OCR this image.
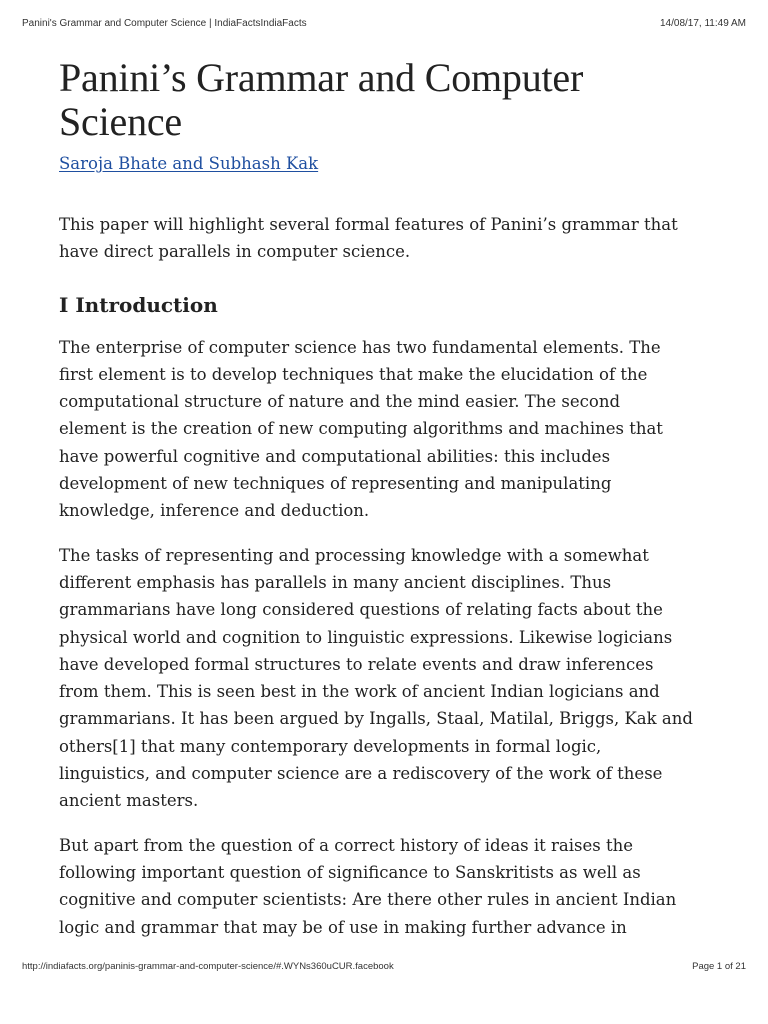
Panini's Grammar and Computer Science | IndiaFactsIndiaFacts	14/08/17, 11:49 AM
Panini’s Grammar and Computer
Science
Saroja Bhate and Subhash Kak

This paper will highlight several formal features of Panini’s grammar that
have direct parallels in computer science.

I Introduction

The enterprise of computer science has two fundamental elements. The
first element is to develop techniques that make the elucidation of the
computational structure of nature and the mind easier. The second
element is the creation of new computing algorithms and machines that
have powerful cognitive and computational abilities: this includes
development of new techniques of representing and manipulating
knowledge, inference and deduction.

The tasks of representing and processing knowledge with a somewhat
different emphasis has parallels in many ancient disciplines. Thus
grammarians have long considered questions of relating facts about the
physical world and cognition to linguistic expressions. Likewise logicians
have developed formal structures to relate events and draw inferences
from them. This is seen best in the work of ancient Indian logicians and
grammarians. It has been argued by Ingalls, Staal, Matilal, Briggs, Kak and
others[1] that many contemporary developments in formal logic,
linguistics, and computer science are a rediscovery of the work of these
ancient masters.

But apart from the question of a correct history of ideas it raises the
following important question of significance to Sanskritists as well as
cognitive and computer scientists: Are there other rules in ancient Indian
logic and grammar that may be of use in making further advance in

http://indiafacts.org/paninis-grammar-and-computer-science/#.WYNs360uCUR.facebook	Page 1 of 21
